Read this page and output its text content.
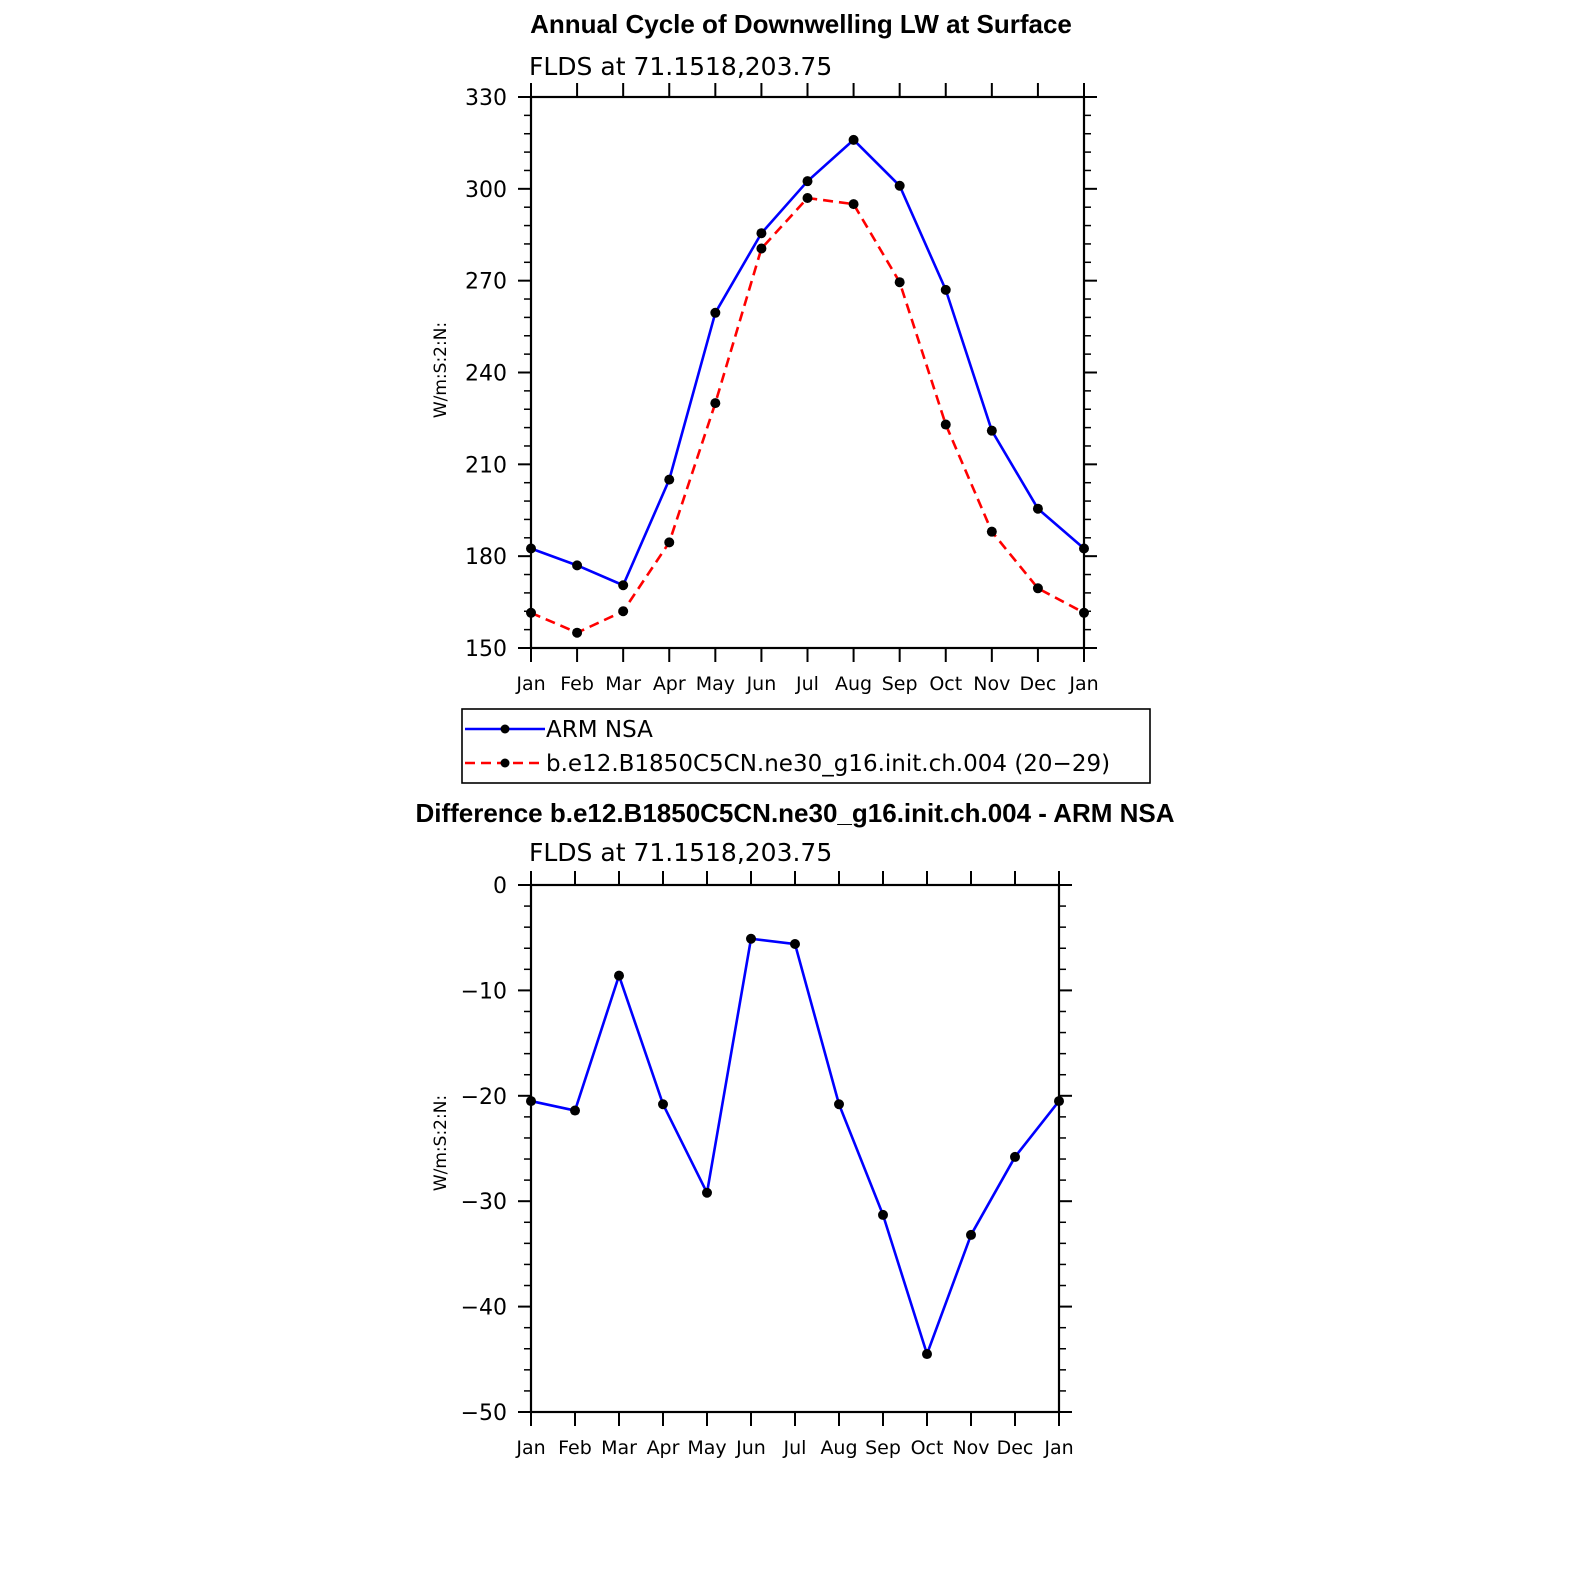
Annual Cycle of Downwelling LW at Surface
FLDS at 71.1518,203.75
W/m:S:2:N:
330
300
270
240
210
180
150
Jan Feb Mar Apr May Jun Jul Aug Sep Oct Nov Dec Jan
ARM NSA
b.e12.B1850C5CN.ne30_g16.init.ch.004 (20−29)
Difference b.e12.B1850C5CN.ne30_g16.init.ch.004 - ARM NSA
FLDS at 71.1518,203.75
W/m:S:2:N:
0
−10
−20
−30
−40
−50
Jan Feb Mar Apr May Jun Jul Aug Sep Oct Nov Dec Jan
